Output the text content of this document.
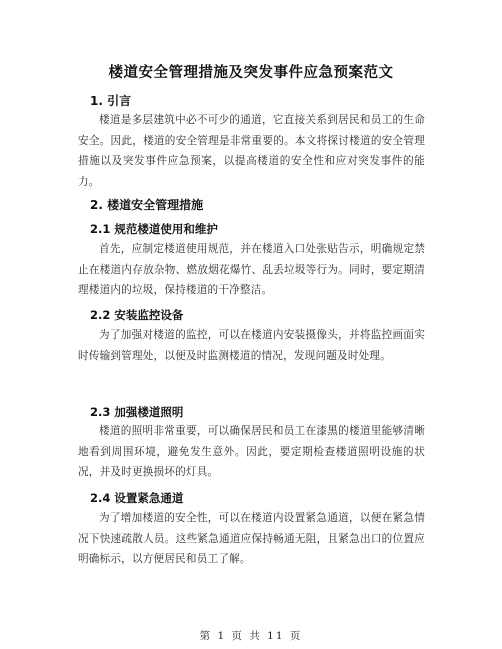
楼道安全管理措施及突发事件应急预案范文
1. 引言

楼道是多层建筑中必不可少的通道，它直接关系到居民和员工的生命安全。因此，楼道的安全管理是非常重要的。本文将探讨楼道的安全管理措施以及突发事件应急预案，以提高楼道的安全性和应对突发事件的能力。

2. 楼道安全管理措施
2.1 规范楼道使用和维护

首先，应制定楼道使用规范，并在楼道入口处张贴告示，明确规定禁止在楼道内存放杂物、燃放烟花爆竹、乱丢垃圾等行为。同时，要定期清理楼道内的垃圾，保持楼道的干净整洁。

2.2 安装监控设备

为了加强对楼道的监控，可以在楼道内安装摄像头，并将监控画面实时传输到管理处，以便及时监测楼道的情况，发现问题及时处理。

2.3 加强楼道照明

楼道的照明非常重要，可以确保居民和员工在漆黑的楼道里能够清晰地看到周围环境，避免发生意外。因此，要定期检查楼道照明设施的状况，并及时更换损坏的灯具。

2.4 设置紧急通道

为了增加楼道的安全性，可以在楼道内设置紧急通道，以便在紧急情况下快速疏散人员。这些紧急通道应保持畅通无阻，且紧急出口的位置应明确标示，以方便居民和员工了解。

第 1 页 共 11 页
